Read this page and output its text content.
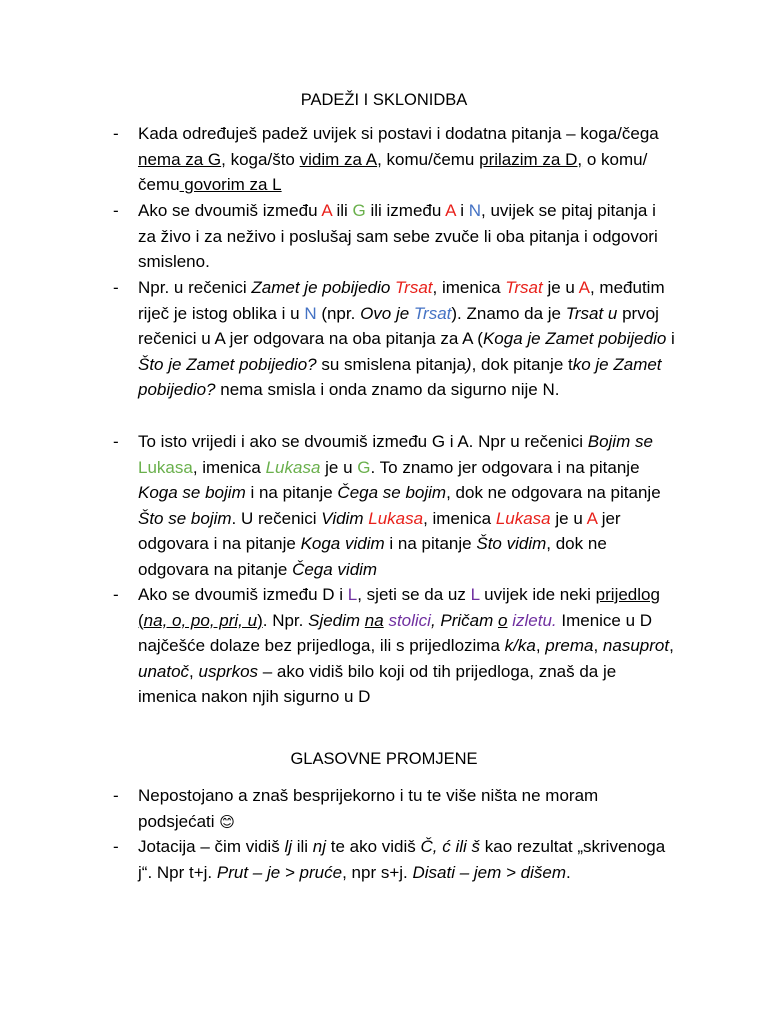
PADEŽI I SKLONIDBA
- Kada određuješ padež uvijek si postavi i dodatna pitanja – koga/čega nema za G, koga/što vidim za A, komu/čemu prilazim za D, o komu/čemu govorim za L
- Ako se dvoumiš između A ili G ili između A i N, uvijek se pitaj pitanja i za živo i za neživo i poslušaj sam sebe zvuče li oba pitanja i odgovori smisleno.
- Npr. u rečenici Zamet je pobijedio Trsat, imenica Trsat je u A, međutim riječ je istog oblika i u N (npr. Ovo je Trsat). Znamo da je Trsat u prvoj rečenici u A jer odgovara na oba pitanja za A (Koga je Zamet pobijedio i Što je Zamet pobijedio? su smislena pitanja), dok pitanje tko je Zamet pobijedio? nema smisla i onda znamo da sigurno nije N.
- To isto vrijedi i ako se dvoumiš između G i A. Npr u rečenici Bojim se Lukasa, imenica Lukasa je u G. To znamo jer odgovara i na pitanje Koga se bojim i na pitanje Čega se bojim, dok ne odgovara na pitanje Što se bojim. U rečenici Vidim Lukasa, imenica Lukasa je u A jer odgovara i na pitanje Koga vidim i na pitanje Što vidim, dok ne odgovara na pitanje Čega vidim
- Ako se dvoumiš između D i L, sjeti se da uz L uvijek ide neki prijedlog (na, o, po, pri, u). Npr. Sjedim na stolici, Pričam o izletu. Imenice u D najčešće dolaze bez prijedloga, ili s prijedlozima k/ka, prema, nasuprot, unatoč, usprkos – ako vidiš bilo koji od tih prijedloga, znaš da je imenica nakon njih sigurno u D
GLASOVNE PROMJENE
- Nepostojano a znaš besprijekorno i tu te više ništa ne moram podsjećati 😊
- Jotacija – čim vidiš lj ili nj te ako vidiš Č, ć ili š kao rezultat „skrivenoga j“. Npr t+j. Prut – je > pruće, npr s+j. Disati – jem > dišem.
